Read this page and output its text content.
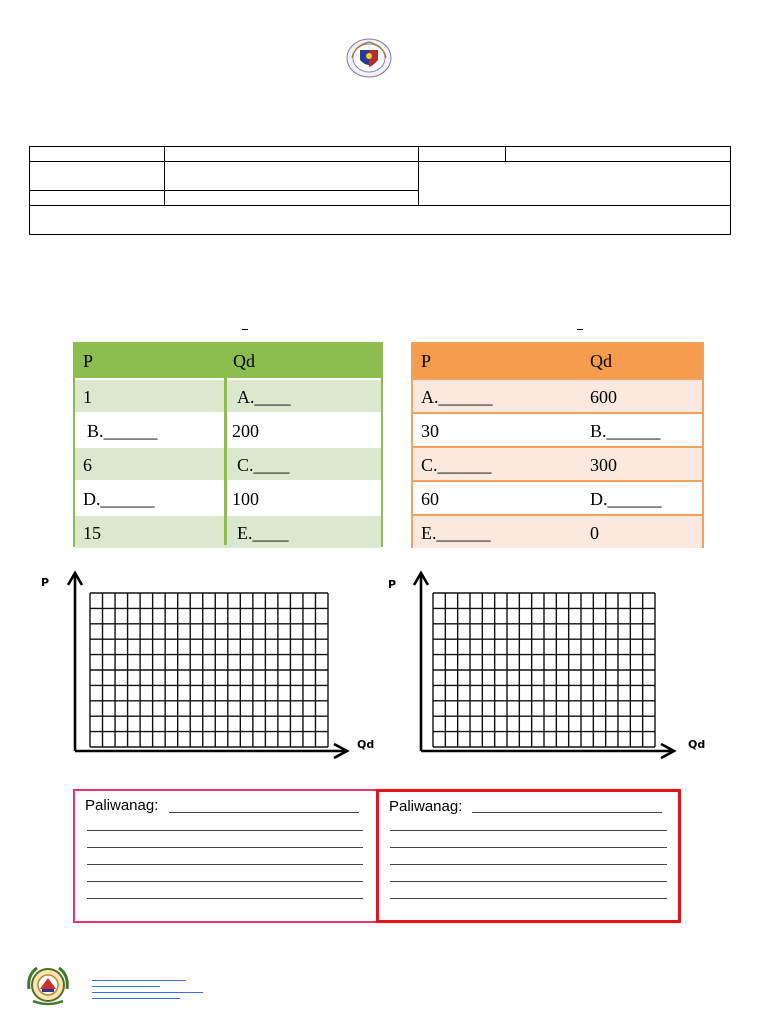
P	Qd
1	A.____
B.______	200
6	C.____
D.______	100
15	E.____
P	Qd
A.______	600
30	B.______
C.______	300
60	D.______
E.______	0
P
Qd
P
Qd
Paliwanag:	Paliwanag:
